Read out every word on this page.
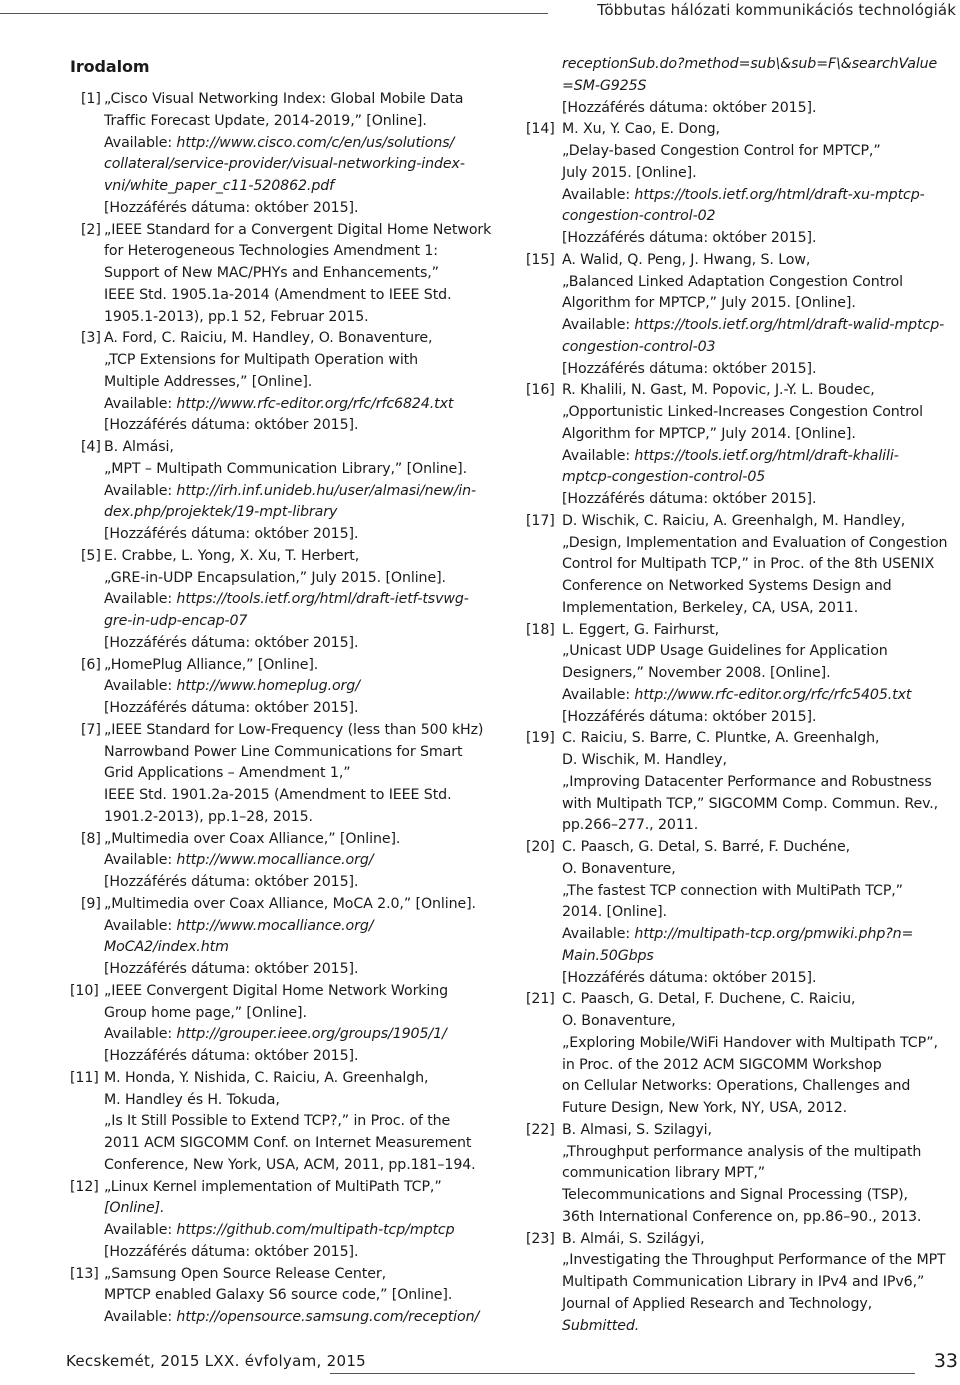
Többutas hálózati kommunikációs technológiák
Irodalom
[1] „Cisco Visual Networking Index: Global Mobile Data
Traffic Forecast Update, 2014-2019,” [Online].
Available: http://www.cisco.com/c/en/us/solutions/
collateral/service-provider/visual-networking-index-
vni/white_paper_c11-520862.pdf
[Hozzáférés dátuma: október 2015].
[2] „IEEE Standard for a Convergent Digital Home Network
for Heterogeneous Technologies Amendment 1:
Support of New MAC/PHYs and Enhancements,”
IEEE Std. 1905.1a-2014 (Amendment to IEEE Std.
1905.1-2013), pp.1 52, Februar 2015.
[3] A. Ford, C. Raiciu, M. Handley, O. Bonaventure,
„TCP Extensions for Multipath Operation with
Multiple Addresses,” [Online].
Available: http://www.rfc-editor.org/rfc/rfc6824.txt
[Hozzáférés dátuma: október 2015].
[4] B. Almási,
„MPT – Multipath Communication Library,” [Online].
Available: http://irh.inf.unideb.hu/user/almasi/new/in-
dex.php/projektek/19-mpt-library
[Hozzáférés dátuma: október 2015].
[5] E. Crabbe, L. Yong, X. Xu, T. Herbert,
„GRE-in-UDP Encapsulation,” July 2015. [Online].
Available: https://tools.ietf.org/html/draft-ietf-tsvwg-
gre-in-udp-encap-07
[Hozzáférés dátuma: október 2015].
[6] „HomePlug Alliance,” [Online].
Available: http://www.homeplug.org/
[Hozzáférés dátuma: október 2015].
[7] „IEEE Standard for Low-Frequency (less than 500 kHz)
Narrowband Power Line Communications for Smart
Grid Applications – Amendment 1,”
IEEE Std. 1901.2a-2015 (Amendment to IEEE Std.
1901.2-2013), pp.1–28, 2015.
[8] „Multimedia over Coax Alliance,” [Online].
Available: http://www.mocalliance.org/
[Hozzáférés dátuma: október 2015].
[9] „Multimedia over Coax Alliance, MoCA 2.0,” [Online].
Available: http://www.mocalliance.org/
MoCA2/index.htm
[Hozzáférés dátuma: október 2015].
[10] „IEEE Convergent Digital Home Network Working
Group home page,” [Online].
Available: http://grouper.ieee.org/groups/1905/1/
[Hozzáférés dátuma: október 2015].
[11] M. Honda, Y. Nishida, C. Raiciu, A. Greenhalgh,
M. Handley és H. Tokuda,
„Is It Still Possible to Extend TCP?,” in Proc. of the
2011 ACM SIGCOMM Conf. on Internet Measurement
Conference, New York, USA, ACM, 2011, pp.181–194.
[12] „Linux Kernel implementation of MultiPath TCP,”
[Online].
Available: https://github.com/multipath-tcp/mptcp
[Hozzáférés dátuma: október 2015].
[13] „Samsung Open Source Release Center,
MPTCP enabled Galaxy S6 source code,” [Online].
Available: http://opensource.samsung.com/reception/
receptionSub.do?method=sub\&sub=F\&searchValue
=SM-G925S
[Hozzáférés dátuma: október 2015].
[14] M. Xu, Y. Cao, E. Dong,
„Delay-based Congestion Control for MPTCP,”
July 2015. [Online].
Available: https://tools.ietf.org/html/draft-xu-mptcp-
congestion-control-02
[Hozzáférés dátuma: október 2015].
[15] A. Walid, Q. Peng, J. Hwang, S. Low,
„Balanced Linked Adaptation Congestion Control
Algorithm for MPTCP,” July 2015. [Online].
Available: https://tools.ietf.org/html/draft-walid-mptcp-
congestion-control-03
[Hozzáférés dátuma: október 2015].
[16] R. Khalili, N. Gast, M. Popovic, J.-Y. L. Boudec,
„Opportunistic Linked-Increases Congestion Control
Algorithm for MPTCP,” July 2014. [Online].
Available: https://tools.ietf.org/html/draft-khalili-
mptcp-congestion-control-05
[Hozzáférés dátuma: október 2015].
[17] D. Wischik, C. Raiciu, A. Greenhalgh, M. Handley,
„Design, Implementation and Evaluation of Congestion
Control for Multipath TCP,” in Proc. of the 8th USENIX
Conference on Networked Systems Design and
Implementation, Berkeley, CA, USA, 2011.
[18] L. Eggert, G. Fairhurst,
„Unicast UDP Usage Guidelines for Application
Designers,” November 2008. [Online].
Available: http://www.rfc-editor.org/rfc/rfc5405.txt
[Hozzáférés dátuma: október 2015].
[19] C. Raiciu, S. Barre, C. Pluntke, A. Greenhalgh,
D. Wischik, M. Handley,
„Improving Datacenter Performance and Robustness
with Multipath TCP,” SIGCOMM Comp. Commun. Rev.,
pp.266–277., 2011.
[20] C. Paasch, G. Detal, S. Barré, F. Duchéne,
O. Bonaventure,
„The fastest TCP connection with MultiPath TCP,”
2014. [Online].
Available: http://multipath-tcp.org/pmwiki.php?n=
Main.50Gbps
[Hozzáférés dátuma: október 2015].
[21] C. Paasch, G. Detal, F. Duchene, C. Raiciu,
O. Bonaventure,
„Exploring Mobile/WiFi Handover with Multipath TCP”,
in Proc. of the 2012 ACM SIGCOMM Workshop
on Cellular Networks: Operations, Challenges and
Future Design, New York, NY, USA, 2012.
[22] B. Almasi, S. Szilagyi,
„Throughput performance analysis of the multipath
communication library MPT,”
Telecommunications and Signal Processing (TSP),
36th International Conference on, pp.86–90., 2013.
[23] B. Almái, S. Szilágyi,
„Investigating the Throughput Performance of the MPT
Multipath Communication Library in IPv4 and IPv6,”
Journal of Applied Research and Technology,
Submitted.
Kecskemét, 2015 LXX. évfolyam, 2015	33
